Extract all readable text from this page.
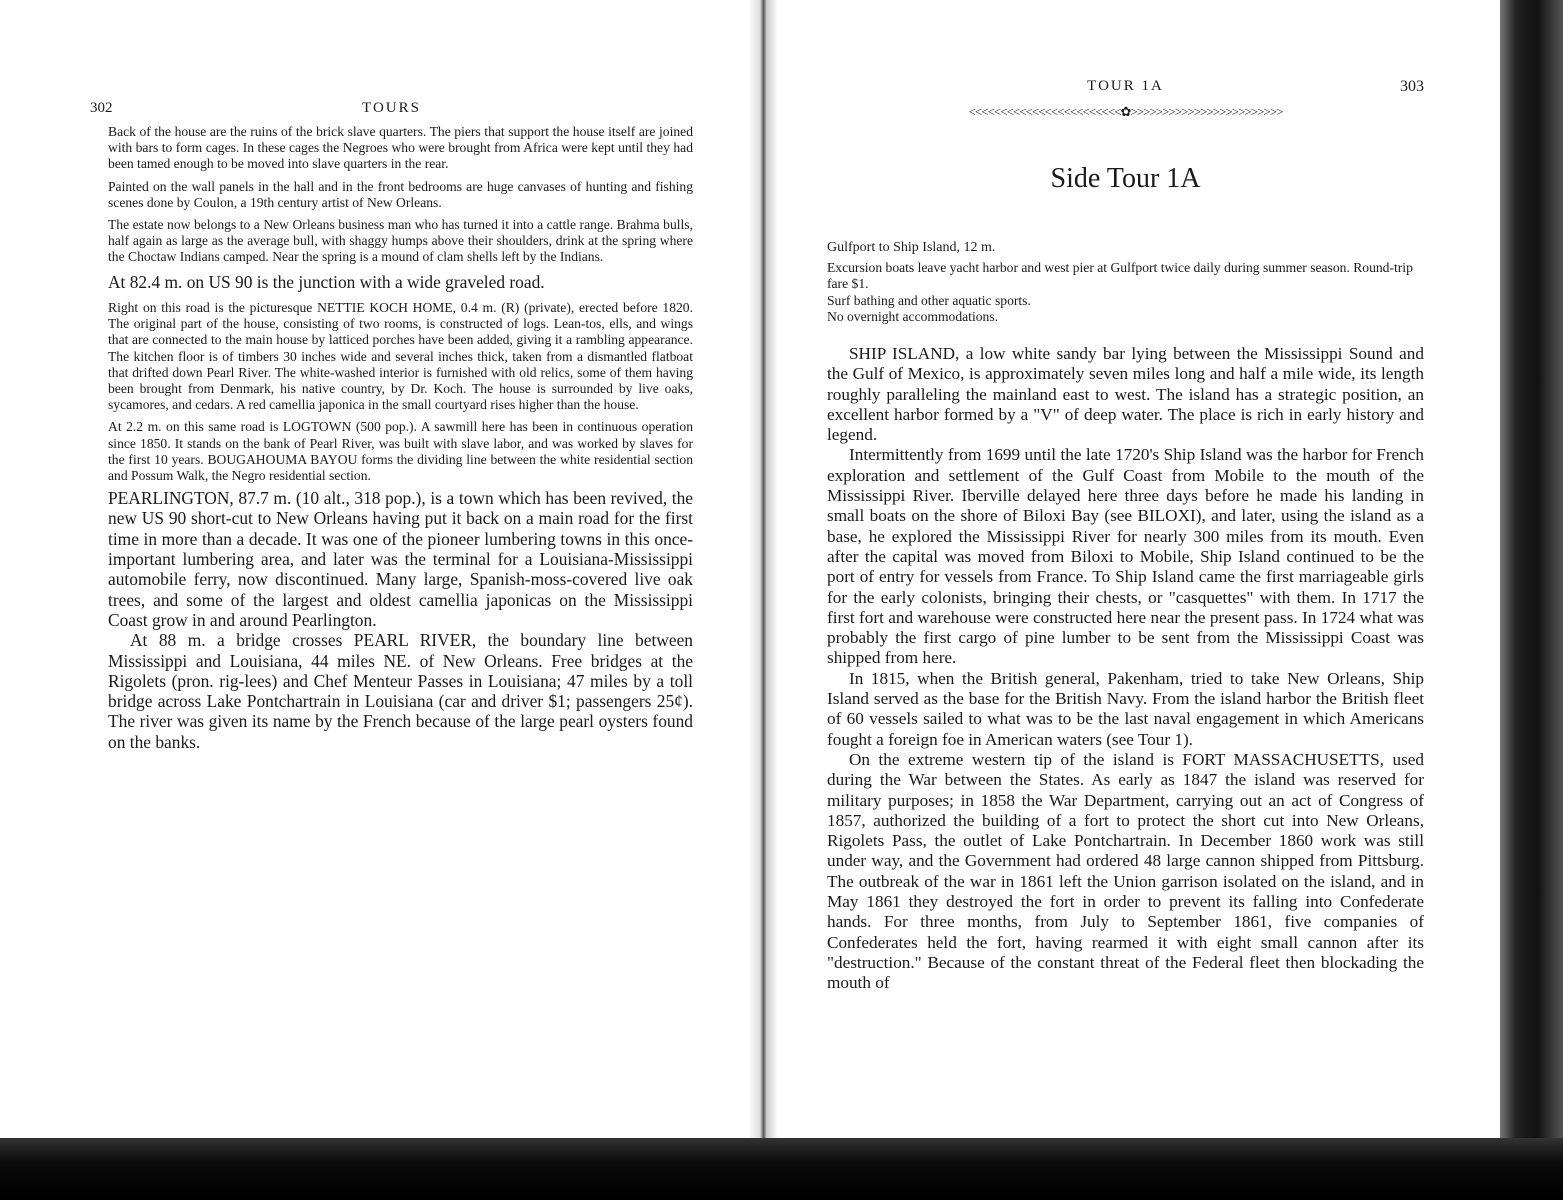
302	TOURS

Back of the house are the ruins of the brick slave quarters. The piers that support the house itself are joined with bars to form cages. In these cages the Negroes who were brought from Africa were kept until they had been tamed enough to be moved into slave quarters in the rear.

Painted on the wall panels in the hall and in the front bedrooms are huge canvases of hunting and fishing scenes done by Coulon, a 19th century artist of New Orleans.

The estate now belongs to a New Orleans business man who has turned it into a cattle range. Brahma bulls, half again as large as the average bull, with shaggy humps above their shoulders, drink at the spring where the Choctaw Indians camped. Near the spring is a mound of clam shells left by the Indians.

At 82.4 m. on US 90 is the junction with a wide graveled road.

Right on this road is the picturesque NETTIE KOCH HOME, 0.4 m. (R) (private), erected before 1820. The original part of the house, consisting of two rooms, is constructed of logs. Lean-tos, ells, and wings that are connected to the main house by latticed porches have been added, giving it a rambling appearance. The kitchen floor is of timbers 30 inches wide and several inches thick, taken from a dismantled flatboat that drifted down Pearl River. The white-washed interior is furnished with old relics, some of them having been brought from Denmark, his native country, by Dr. Koch. The house is surrounded by live oaks, sycamores, and cedars. A red camellia japonica in the small courtyard rises higher than the house.

At 2.2 m. on this same road is LOGTOWN (500 pop.). A sawmill here has been in continuous operation since 1850. It stands on the bank of Pearl River, was built with slave labor, and was worked by slaves for the first 10 years. BOUGAHOUMA BAYOU forms the dividing line between the white residential section and Possum Walk, the Negro residential section.

PEARLINGTON, 87.7 m. (10 alt., 318 pop.), is a town which has been revived, the new US 90 short-cut to New Orleans having put it back on a main road for the first time in more than a decade. It was one of the pioneer lumbering towns in this once-important lumbering area, and later was the terminal for a Louisiana-Mississippi automobile ferry, now discontinued. Many large, Spanish-moss-covered live oak trees, and some of the largest and oldest camellia japonicas on the Mississippi Coast grow in and around Pearlington.

At 88 m. a bridge crosses PEARL RIVER, the boundary line between Mississippi and Louisiana, 44 miles NE. of New Orleans. Free bridges at the Rigolets (pron. rig-lees) and Chef Menteur Passes in Louisiana; 47 miles by a toll bridge across Lake Pontchartrain in Louisiana (car and driver $1; passengers 25¢). The river was given its name by the French because of the large pearl oysters found on the banks.

TOUR 1A	303
<<<<<<<<<<<<<<<<<<<<<<<<✿>>>>>>>>>>>>>>>>>>>>>>>>
Side Tour 1A

Gulfport to Ship Island, 12 m.

Excursion boats leave yacht harbor and west pier at Gulfport twice daily during summer season. Round-trip fare $1.

Surf bathing and other aquatic sports.

No overnight accommodations.

SHIP ISLAND, a low white sandy bar lying between the Mississippi Sound and the Gulf of Mexico, is approximately seven miles long and half a mile wide, its length roughly paralleling the mainland east to west. The island has a strategic position, an excellent harbor formed by a "V" of deep water. The place is rich in early history and legend.

Intermittently from 1699 until the late 1720's Ship Island was the harbor for French exploration and settlement of the Gulf Coast from Mobile to the mouth of the Mississippi River. Iberville delayed here three days before he made his landing in small boats on the shore of Biloxi Bay (see BILOXI), and later, using the island as a base, he explored the Mississippi River for nearly 300 miles from its mouth. Even after the capital was moved from Biloxi to Mobile, Ship Island continued to be the port of entry for vessels from France. To Ship Island came the first marriageable girls for the early colonists, bringing their chests, or "casquettes" with them. In 1717 the first fort and warehouse were constructed here near the present pass. In 1724 what was probably the first cargo of pine lumber to be sent from the Mississippi Coast was shipped from here.

In 1815, when the British general, Pakenham, tried to take New Orleans, Ship Island served as the base for the British Navy. From the island harbor the British fleet of 60 vessels sailed to what was to be the last naval engagement in which Americans fought a foreign foe in American waters (see Tour 1).

On the extreme western tip of the island is FORT MASSACHUSETTS, used during the War between the States. As early as 1847 the island was reserved for military purposes; in 1858 the War Department, carrying out an act of Congress of 1857, authorized the building of a fort to protect the short cut into New Orleans, Rigolets Pass, the outlet of Lake Pontchartrain. In December 1860 work was still under way, and the Government had ordered 48 large cannon shipped from Pittsburg. The outbreak of the war in 1861 left the Union garrison isolated on the island, and in May 1861 they destroyed the fort in order to prevent its falling into Confederate hands. For three months, from July to September 1861, five companies of Confederates held the fort, having rearmed it with eight small cannon after its "destruction." Because of the constant threat of the Federal fleet then blockading the mouth of
